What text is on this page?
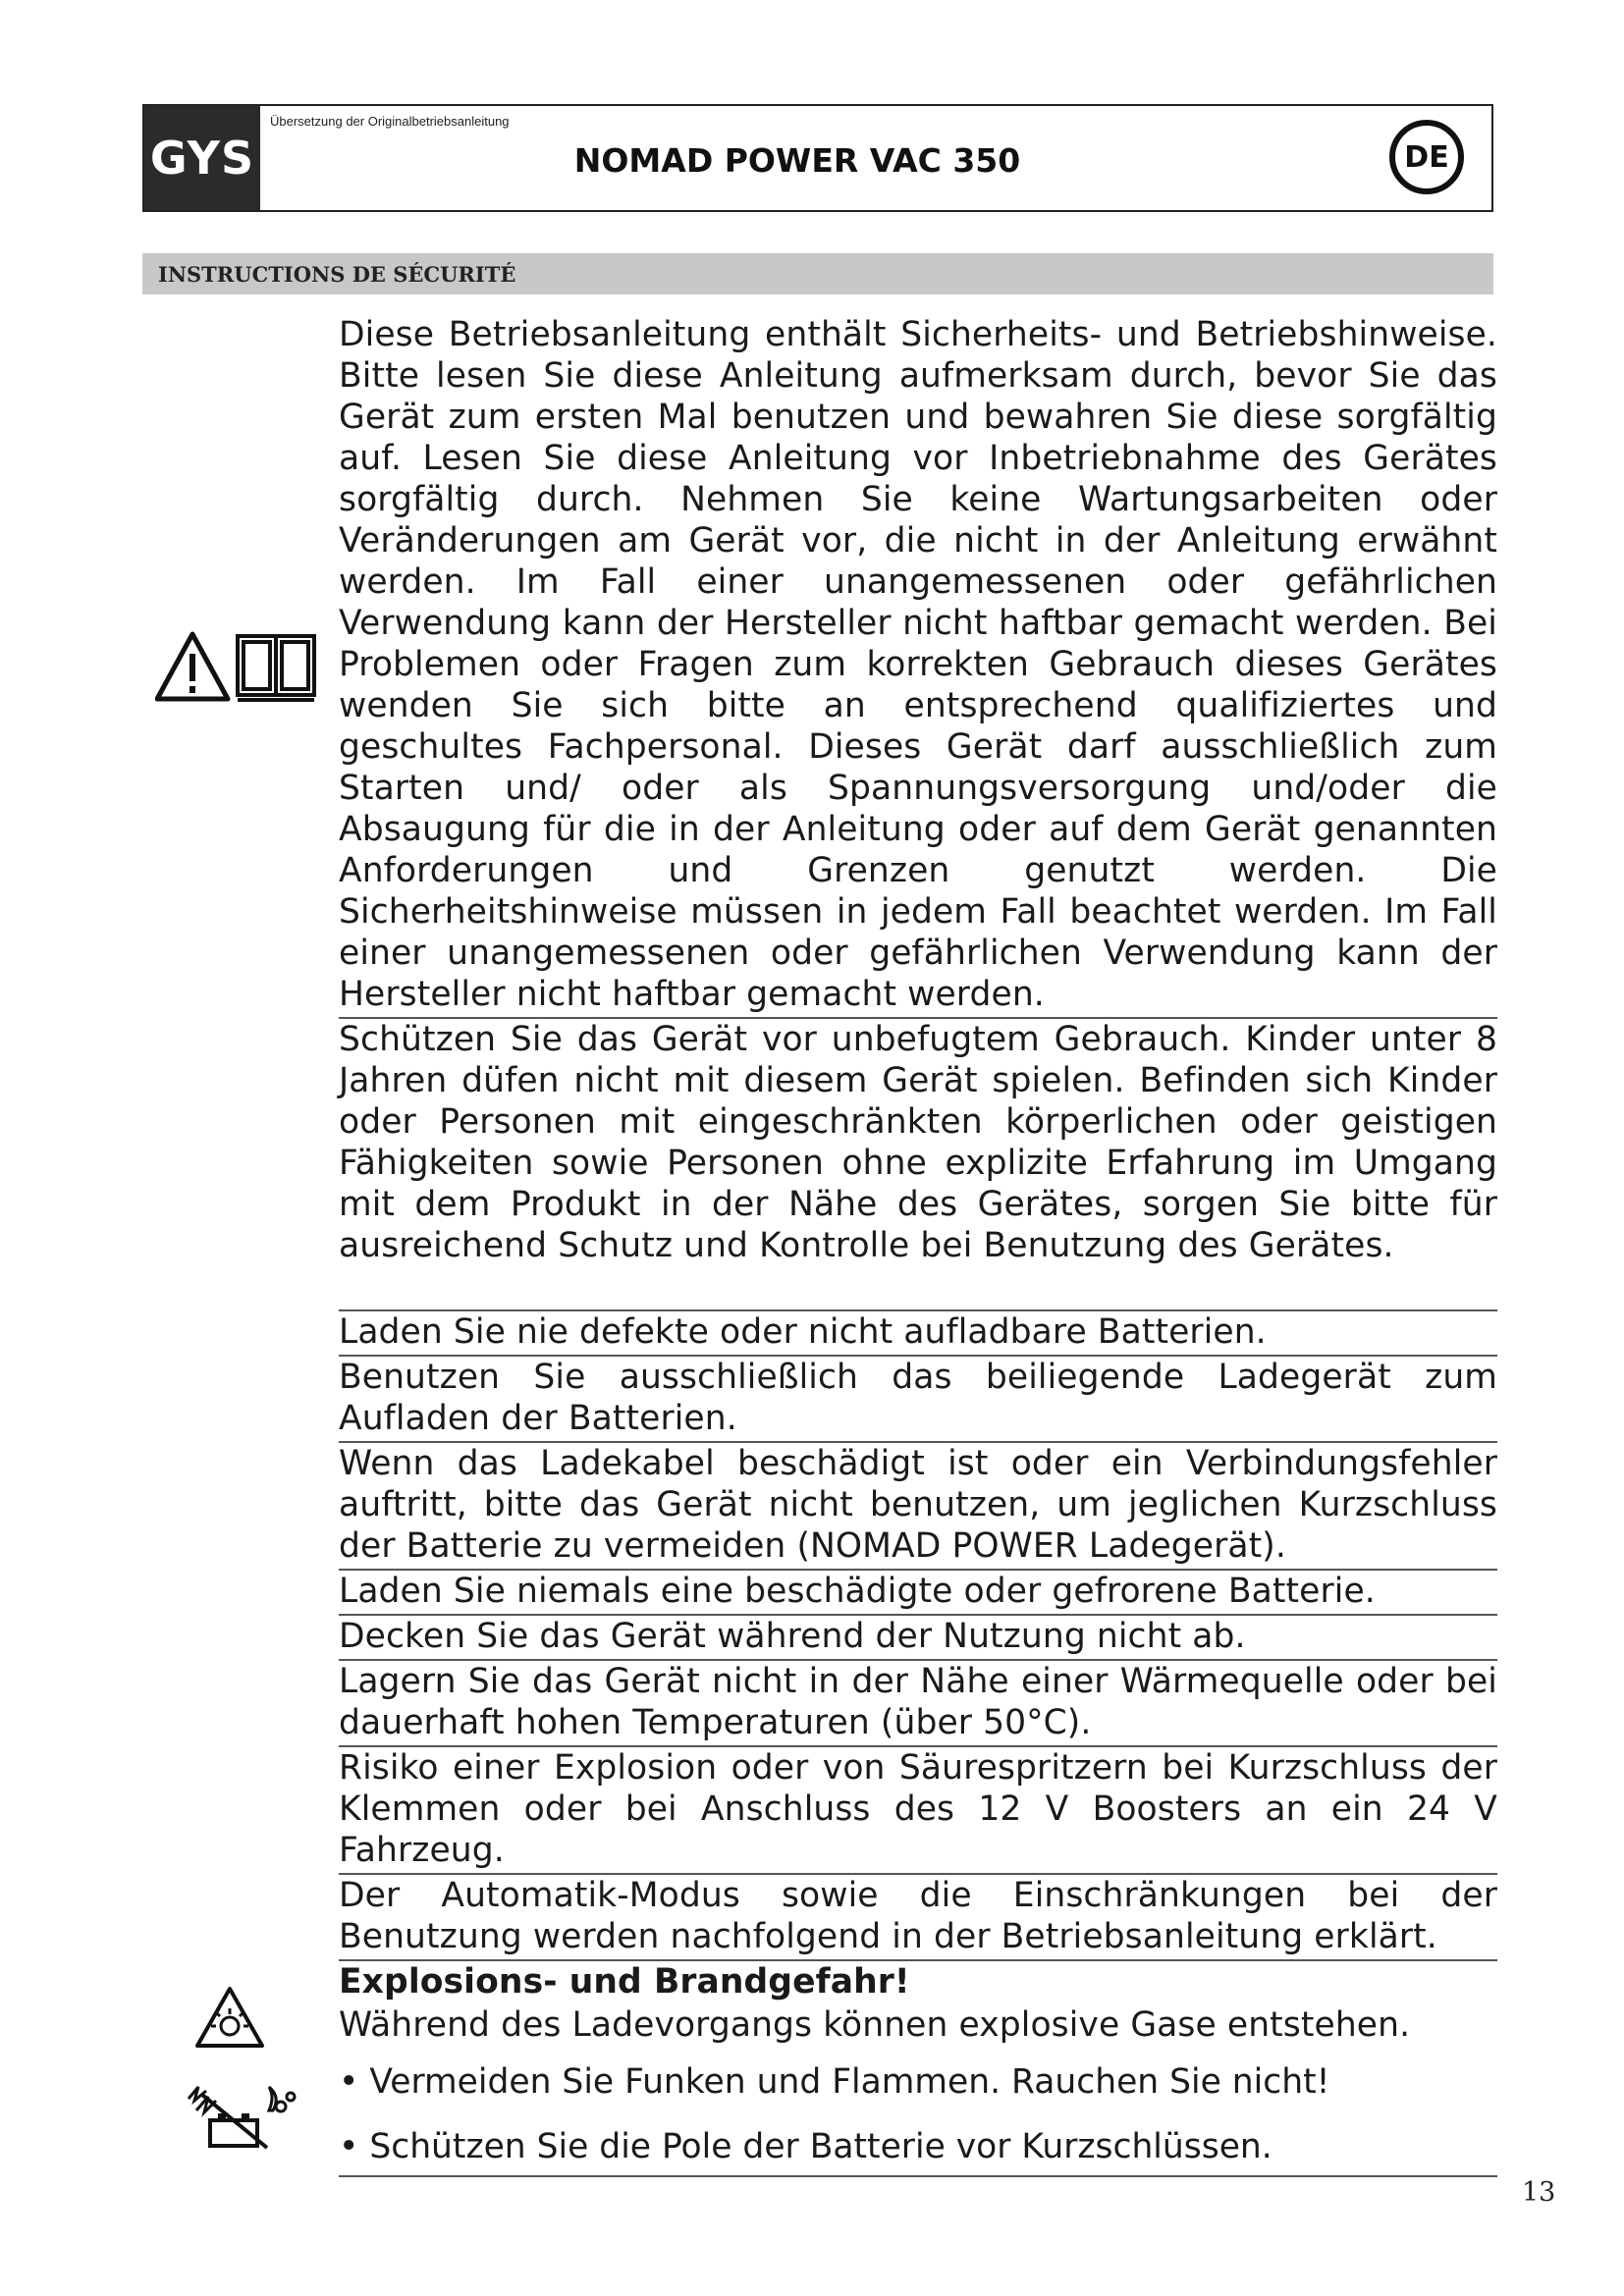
GYS
Übersetzung der Originalbetriebsanleitung
NOMAD POWER VAC 350	DE
INSTRUCTIONS DE SÉCURITÉ
Diese Betriebsanleitung enthält Sicherheits- und Betriebshinweise. Bitte lesen Sie diese Anleitung aufmerksam durch, bevor Sie das Gerät zum ersten Mal benutzen und bewahren Sie diese sorgfältig auf. Lesen Sie diese Anleitung vor Inbetriebnahme des Gerätes sorgfältig durch. Nehmen Sie keine Wartungsarbeiten oder Veränderungen am Gerät vor, die nicht in der Anleitung erwähnt werden. Im Fall einer unangemessenen oder gefährlichen Verwendung kann der Hersteller nicht haftbar gemacht werden. Bei Problemen oder Fragen zum korrekten Gebrauch dieses Gerätes wenden Sie sich bitte an entsprechend qualifiziertes und geschultes Fachpersonal. Dieses Gerät darf ausschließlich zum Starten und/ oder als Spannungsversorgung und/oder die Absaugung für die in der Anleitung oder auf dem Gerät genannten Anforderungen und Grenzen genutzt werden. Die Sicherheitshinweise müssen in jedem Fall beachtet werden. Im Fall einer unangemessenen oder gefährlichen Verwendung kann der Hersteller nicht haftbar gemacht werden.
Schützen Sie das Gerät vor unbefugtem Gebrauch. Kinder unter 8 Jahren düfen nicht mit diesem Gerät spielen. Befinden sich Kinder oder Personen mit eingeschränkten körperlichen oder geistigen Fähigkeiten sowie Personen ohne explizite Erfahrung im Umgang mit dem Produkt in der Nähe des Gerätes, sorgen Sie bitte für ausreichend Schutz und Kontrolle bei Benutzung des Gerätes.
Laden Sie nie defekte oder nicht aufladbare Batterien.
Benutzen Sie ausschließlich das beiliegende Ladegerät zum Aufladen der Batterien.
Wenn das Ladekabel beschädigt ist oder ein Verbindungsfehler auftritt, bitte das Gerät nicht benutzen, um jeglichen Kurzschluss der Batterie zu vermeiden (NOMAD POWER Ladegerät).
Laden Sie niemals eine beschädigte oder gefrorene Batterie.
Decken Sie das Gerät während der Nutzung nicht ab.
Lagern Sie das Gerät nicht in der Nähe einer Wärmequelle oder bei dauerhaft hohen Temperaturen (über 50°C).
Risiko einer Explosion oder von Säurespritzern bei Kurzschluss der Klemmen oder bei Anschluss des 12 V Boosters an ein 24 V Fahrzeug.
Der Automatik-Modus sowie die Einschränkungen bei der Benutzung werden nachfolgend in der Betriebsanleitung erklärt.
Explosions- und Brandgefahr!
Während des Ladevorgangs können explosive Gase entstehen.
• Vermeiden Sie Funken und Flammen. Rauchen Sie nicht!
• Schützen Sie die Pole der Batterie vor Kurzschlüssen.
13
